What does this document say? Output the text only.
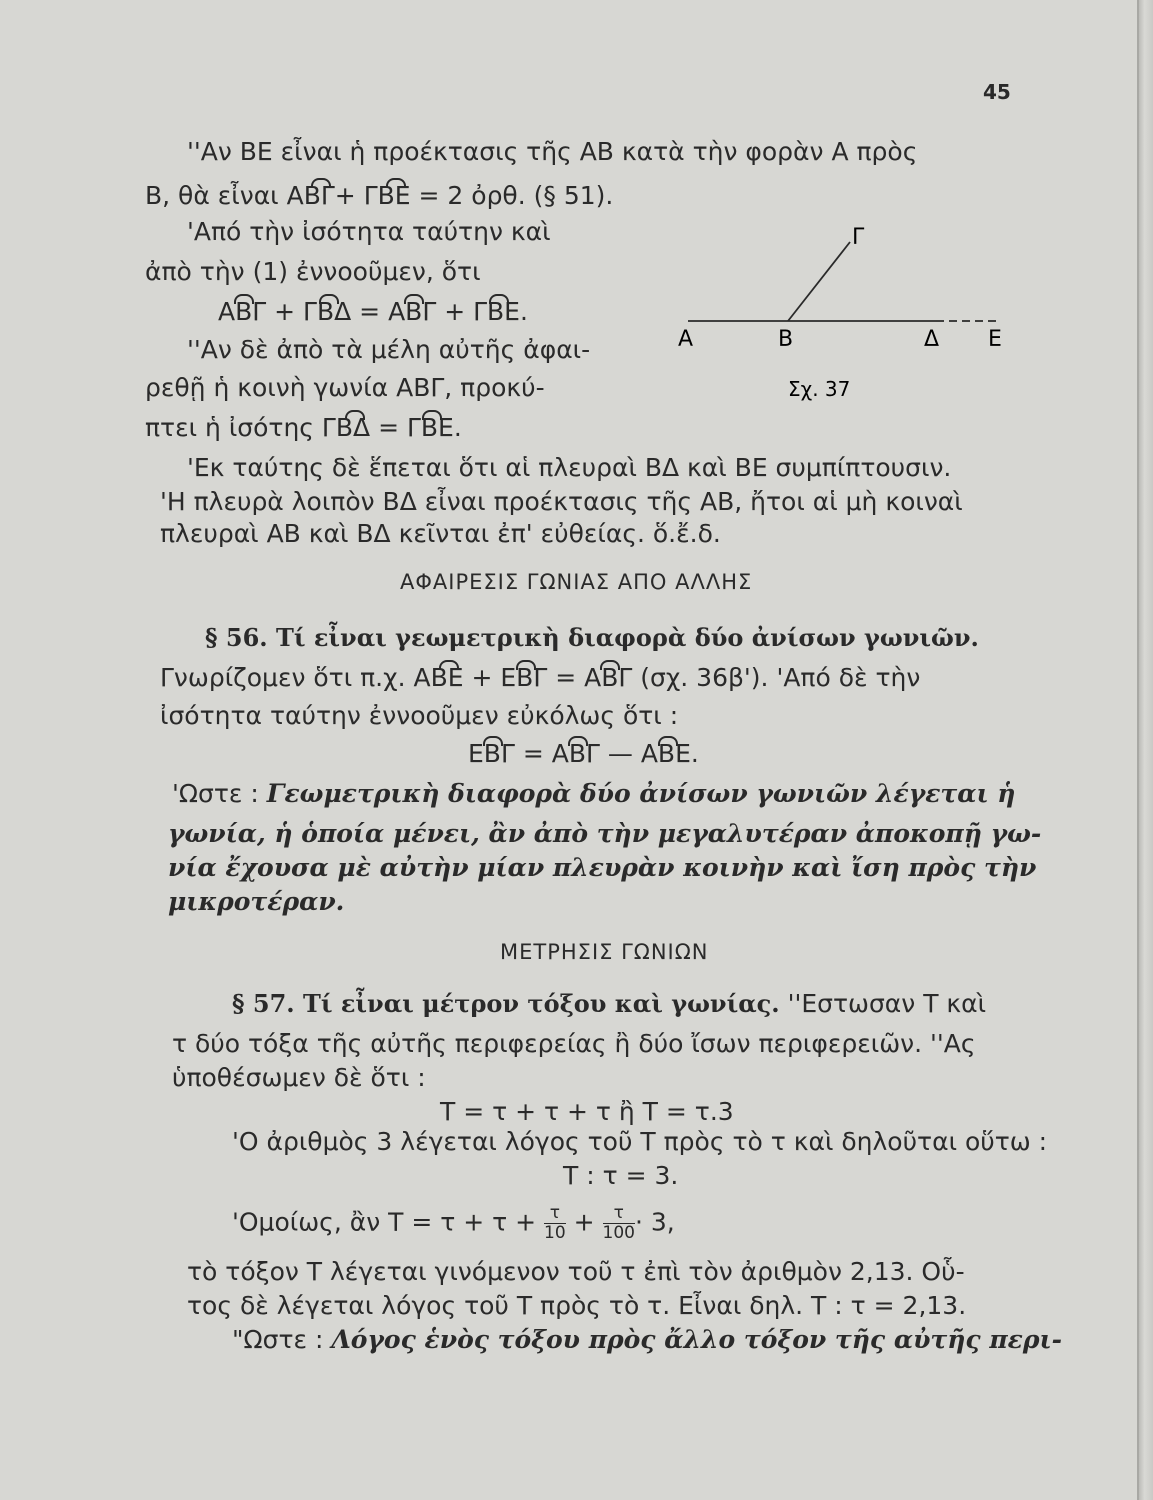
45
''Αν ΒΕ εἶναι ἡ προέκτασις τῆς ΑΒ κατὰ τὴν φορὰν Α πρὸς
Β, θὰ εἶναι ΑΒΓ+ ΓΒΕ = 2 ὀρθ. (§ 51).
'Από τὴν ἰσότητα ταύτην καὶ
ἀπὸ τὴν (1) ἐννοοῦμεν, ὅτι
ΑΒΓ + ΓΒΔ = ΑΒΓ + ΓΒΕ.
''Αν δὲ ἀπὸ τὰ μέλη αὐτῆς ἀφαι-
ρεθῇ ἡ κοινὴ γωνία ΑΒΓ, προκύ-
πτει ἡ ἰσότης ΓΒΔ = ΓΒΕ.
'Εκ ταύτης δὲ ἕπεται ὅτι αἱ πλευραὶ ΒΔ καὶ ΒΕ συμπίπτουσιν.
'Η πλευρὰ λοιπὸν ΒΔ εἶναι προέκτασις τῆς ΑΒ, ἤτοι αἱ μὴ κοιναὶ
πλευραὶ ΑΒ καὶ ΒΔ κεῖνται ἐπ' εὐθείας. ὅ.ἔ.δ.
Α	Β	Δ Ε
Γ
Σχ. 37
ΑΦΑΙΡΕΣΙΣ ΓΩΝΙΑΣ ΑΠΟ ΑΛΛΗΣ
§ 56. Τί εἶναι γεωμετρικὴ διαφορὰ δύο ἀνίσων γωνιῶν.
Γνωρίζομεν ὅτι π.χ. ΑΒΕ + ΕΒΓ = ΑΒΓ (σχ. 36β'). 'Από δὲ τὴν
ἰσότητα ταύτην ἐννοοῦμεν εὐκόλως ὅτι :
ΕΒΓ = ΑΒΓ — ΑΒΕ.
'Ωστε : Γεωμετρικὴ διαφορὰ δύο ἀνίσων γωνιῶν λέγεται ἡ
γωνία, ἡ ὁποία μένει, ἂν ἀπὸ τὴν μεγαλυτέραν ἀποκοπῇ γω-
νία ἔχουσα μὲ αὐτὴν μίαν πλευρὰν κοινὴν καὶ ἴση πρὸς τὴν
μικροτέραν.
ΜΕΤΡΗΣΙΣ ΓΩΝΙΩΝ
§ 57. Τί εἶναι μέτρον τόξου καὶ γωνίας. ''Εστωσαν Τ καὶ
τ δύο τόξα τῆς αὐτῆς περιφερείας ἢ δύο ἴσων περιφερειῶν. ''Ας
ὑποθέσωμεν δὲ ὅτι :
Τ = τ + τ + τ ἢ Τ = τ.3
'Ο ἀριθμὸς 3 λέγεται λόγος τοῦ Τ πρὸς τὸ τ καὶ δηλοῦται οὕτω :
Τ : τ = 3.
'Ομοίως, ἂν $T = \tau + \tau + \frac{\tau}{10} + \frac{\tau}{100} \cdot 3$,
τὸ τόξον Τ λέγεται γινόμενον τοῦ τ ἐπὶ τὸν ἀριθμὸν 2,13. Οὗ-
τος δὲ λέγεται λόγος τοῦ Τ πρὸς τὸ τ. Εἶναι δηλ. Τ : τ = 2,13.
"Ωστε : Λόγος ἑνὸς τόξου πρὸς ἄλλο τόξον τῆς αὐτῆς περι-
